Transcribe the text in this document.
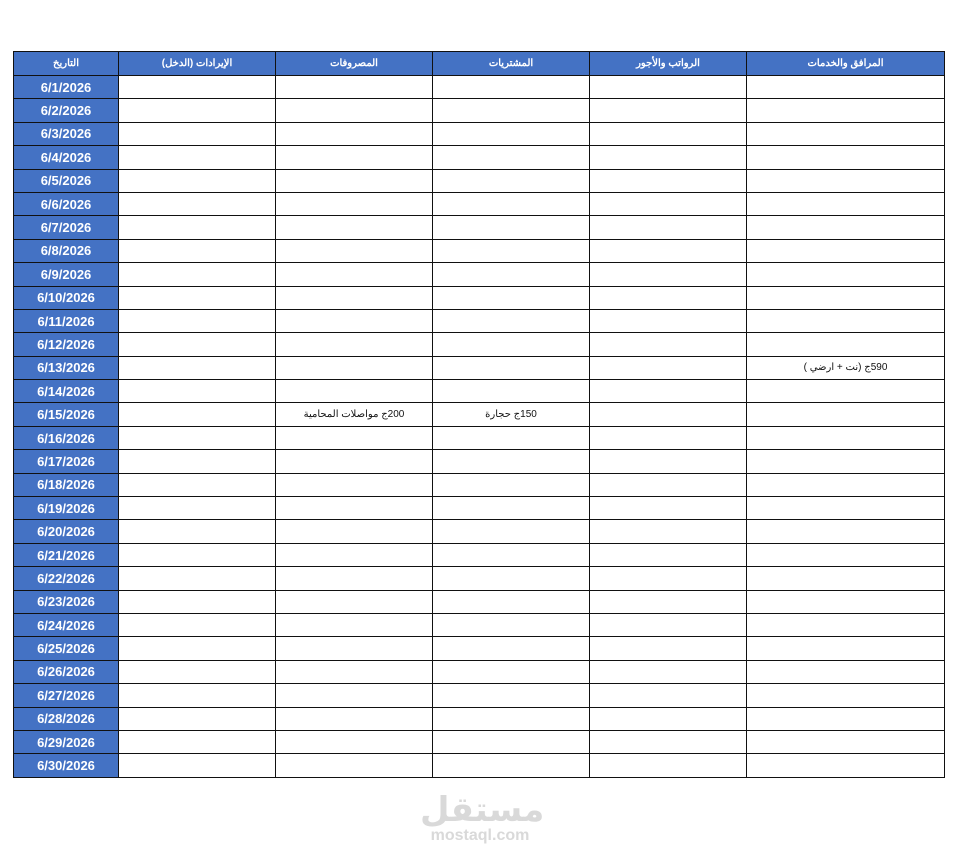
التاريخ	الإيرادات (الدخل)	المصروفات	المشتريات	الرواتب والأجور	المرافق والخدمات
6/1/2026					
6/2/2026					
6/3/2026					
6/4/2026					
6/5/2026					
6/6/2026					
6/7/2026					
6/8/2026					
6/9/2026					
6/10/2026					
6/11/2026					
6/12/2026					
6/13/2026					590ج (نت + ارضي )
6/14/2026					
6/15/2026		200ج مواصلات المحامية	150ج حجارة		
6/16/2026					
6/17/2026					
6/18/2026					
6/19/2026					
6/20/2026					
6/21/2026					
6/22/2026					
6/23/2026					
6/24/2026					
6/25/2026					
6/26/2026					
6/27/2026					
6/28/2026					
6/29/2026					
6/30/2026					
مستقل
mostaql.com
